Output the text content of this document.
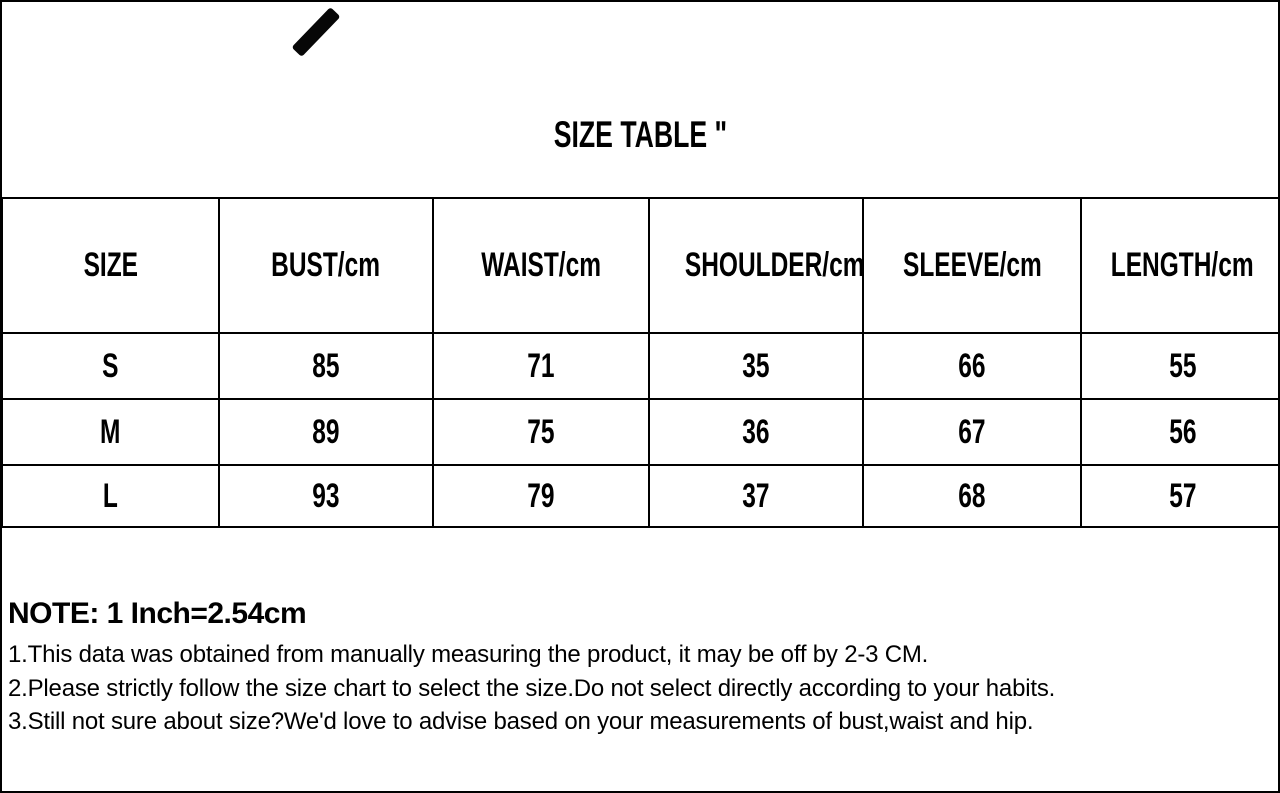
SIZE TABLE "
SIZE	BUST/cm	WAIST/cm	SHOULDER/cm	SLEEVE/cm	LENGTH/cm
S	85	71	35	66	55
M	89	75	36	67	56
L	93	79	37	68	57
NOTE: 1 Inch=2.54cm
1.This data was obtained from manually measuring the product, it may be off by 2-3 CM.
2.Please strictly follow the size chart to select the size.Do not select directly according to your habits.
3.Still not sure about size?We'd love to advise based on your measurements of bust,waist and hip.
